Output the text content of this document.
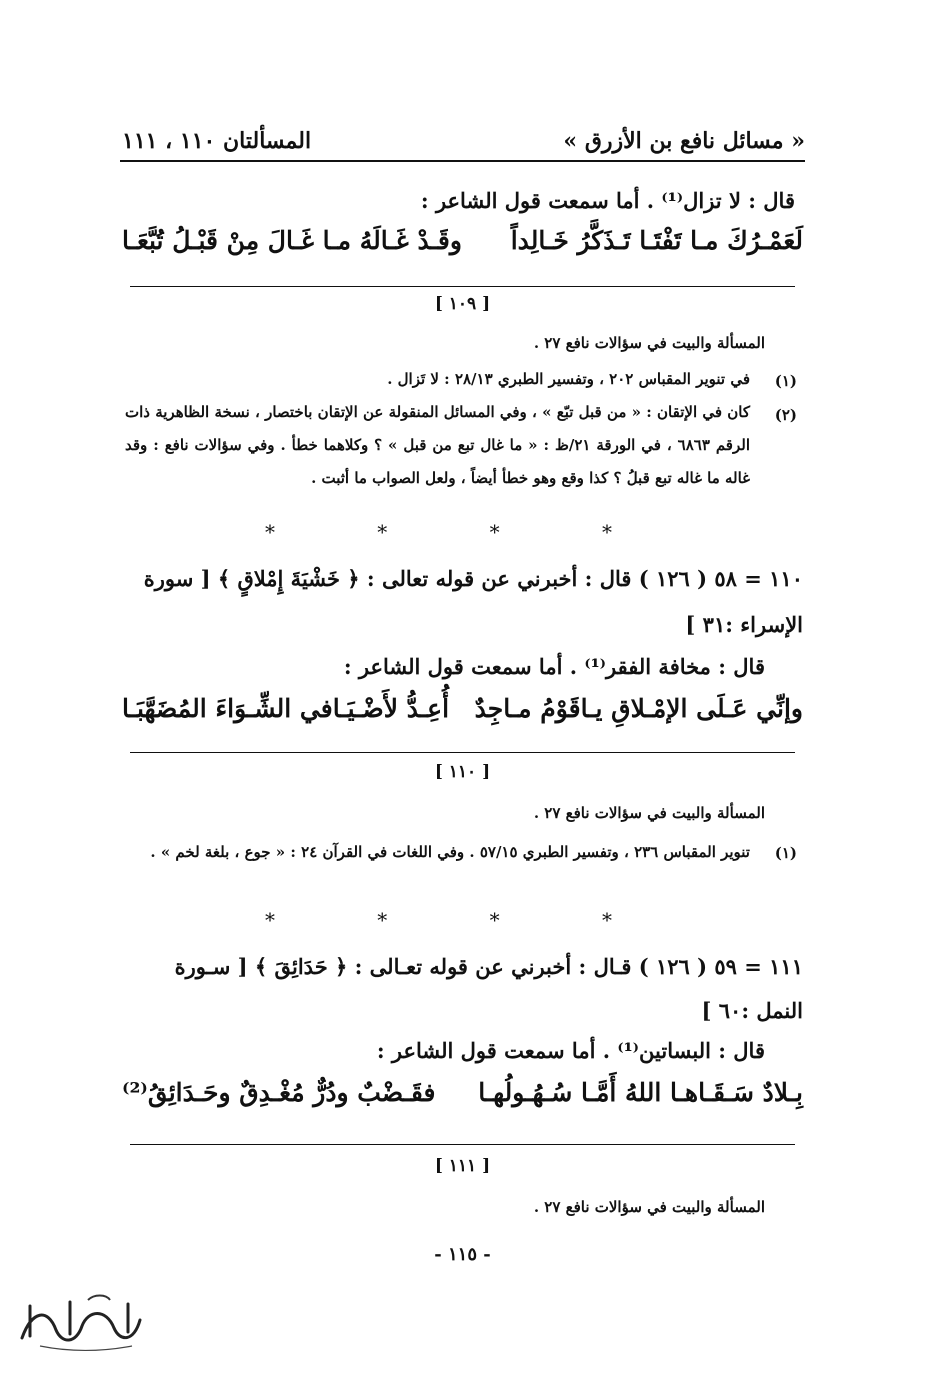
« مسائل نافع بن الأزرق »
المسألتان ١١٠ ، ١١١
قال : لا تزال⁽¹⁾ . أما سمعت قول الشاعر :
لَعَمْـرُكَ مـا تَفْتَـا تَـذَكَّرُ خَـالِداً
وقَـدْ غَـالَهُ مـا غَـالَ مِنْ قَبْـلُ تُبَّعَـا
[ ١٠٩ ]
المسألة والبيت في سؤالات نافع ٢٧ .
(١)
في تنوير المقباس ٢٠٢ ، وتفسير الطبري ٢٨/١٣ : لا تَزال .
(٢)
كان في الإتقان : « من قبل تبّع » ، وفي المسائل المنقولة عن الإتقان باختصار ، نسخة الظاهرية ذات الرقم ٦٨٦٣ ، في الورقة ٢١/ظ : « ما غال تبع من قبل » ؟ وكلاهما خطأ . وفي سؤالات نافع : وقد غاله ما غاله تبع قبلُ ؟ كذا وقع وهو خطأ أيضاً ، ولعل الصواب ما أثبت .
* * * *
١١٠ = ٥٨ ( ١٢٦ ) قال : أخبرني عن قوله تعالى : ﴿ خَشْيَةَ إِمْلاقٍ ﴾ [ سورة
الإسراء :٣١ ]
قال : مخافة الفقر⁽¹⁾ . أما سمعت قول الشاعر :
وإنِّي عَـلَى الإمْـلاقِ يـاقَوْمُ مـاجِدٌ
أُعِـدُّ لأَضْـيَـافي الشِّـوَاءَ المُضَهَّبَـا
[ ١١٠ ]
المسألة والبيت في سؤالات نافع ٢٧ .
(١)
تنوير المقباس ٢٣٦ ، وتفسير الطبري ٥٧/١٥ . وفي اللغات في القرآن ٢٤ : « جوع ، بلغة لخم » .
* * * *
١١١ = ٥٩ ( ١٢٦ ) قـال : أخبرني عن قوله تعـالى : ﴿ حَدَائِقَ ﴾ [ سـورة
النمل :٦٠ ]
قال : البساتين⁽¹⁾ . أما سمعت قول الشاعر :
بِـلادٌ سَـقَـاهـا اللهُ أَمَّـا سُـهُـولُهـا
فقَـضْبٌ ودُرٌّ مُغْـدِقٌ وحَـدَائِقُ⁽²⁾
[ ١١١ ]
المسألة والبيت في سؤالات نافع ٢٧ .
- ١١٥ -
